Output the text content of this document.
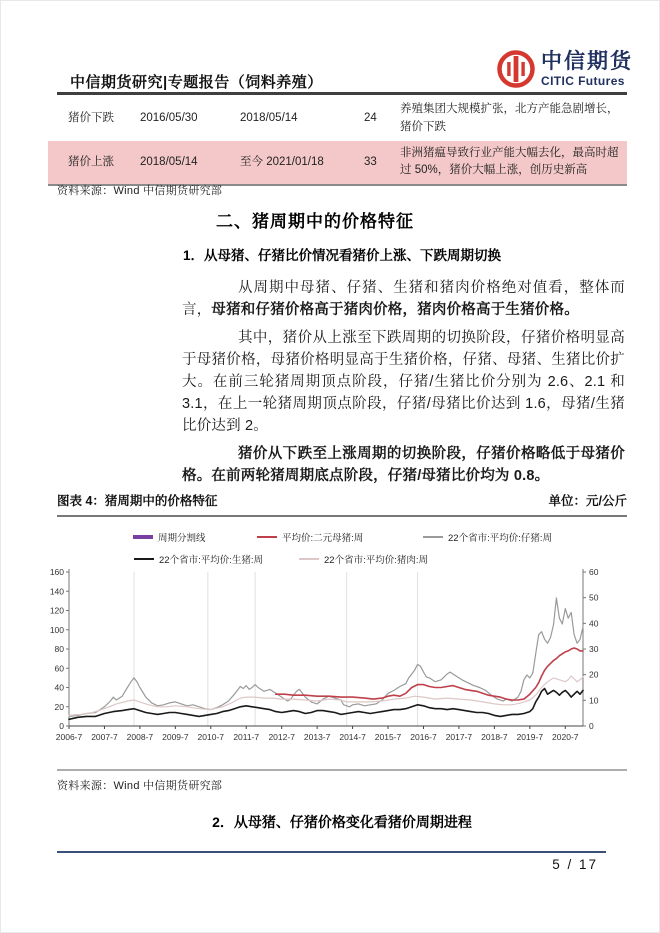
中信期货研究|专题报告（饲料养殖）
中信期货
CITIC Futures
猪价下跌	2016/05/30	2018/05/14	24
养殖集团大规模扩张，北方产能急剧增长，猪价下跌
猪价上涨	2018/05/14	至今 2021/01/18	33
非洲猪瘟导致行业产能大幅去化，最高时超过 50%，猪价大幅上涨，创历史新高
资料来源：Wind 中信期货研究部
二、猪周期中的价格特征
1．从母猪、仔猪比价情况看猪价上涨、下跌周期切换

从周期中母猪、仔猪、生猪和猪肉价格绝对值看，整体而言，母猪和仔猪价格高于猪肉价格，猪肉价格高于生猪价格。

其中，猪价从上涨至下跌周期的切换阶段，仔猪价格明显高于母猪价格，母猪价格明显高于生猪价格，仔猪、母猪、生猪比价扩大。在前三轮猪周期顶点阶段，仔猪/生猪比价分别为 2.6、2.1 和 3.1，在上一轮猪周期顶点阶段，仔猪/母猪比价达到 1.6，母猪/生猪比价达到 2。

猪价从下跌至上涨周期的切换阶段，仔猪价格略低于母猪价格。在前两轮猪周期底点阶段，仔猪/母猪比价均为 0.8。

图表 4：猪周期中的价格特征	单位：元/公斤
0
20
40
60
80
100
120
140
160
0
10
20
30
40
50
60
2006-7 2007-7 2008-7 2009-7 2010-7 2011-7 2012-7 2013-7 2014-7 2015-7 2016-7 2017-7 2018-7 2019-7 2020-7
资料来源：Wind 中信期货研究部
2．从母猪、仔猪价格变化看猪价周期进程
5 / 17
周期分割线	平均价:二元母猪:周	22个省市:平均价:仔猪:周
22个省市:平均价:生猪:周	22个省市:平均价:猪肉:周
